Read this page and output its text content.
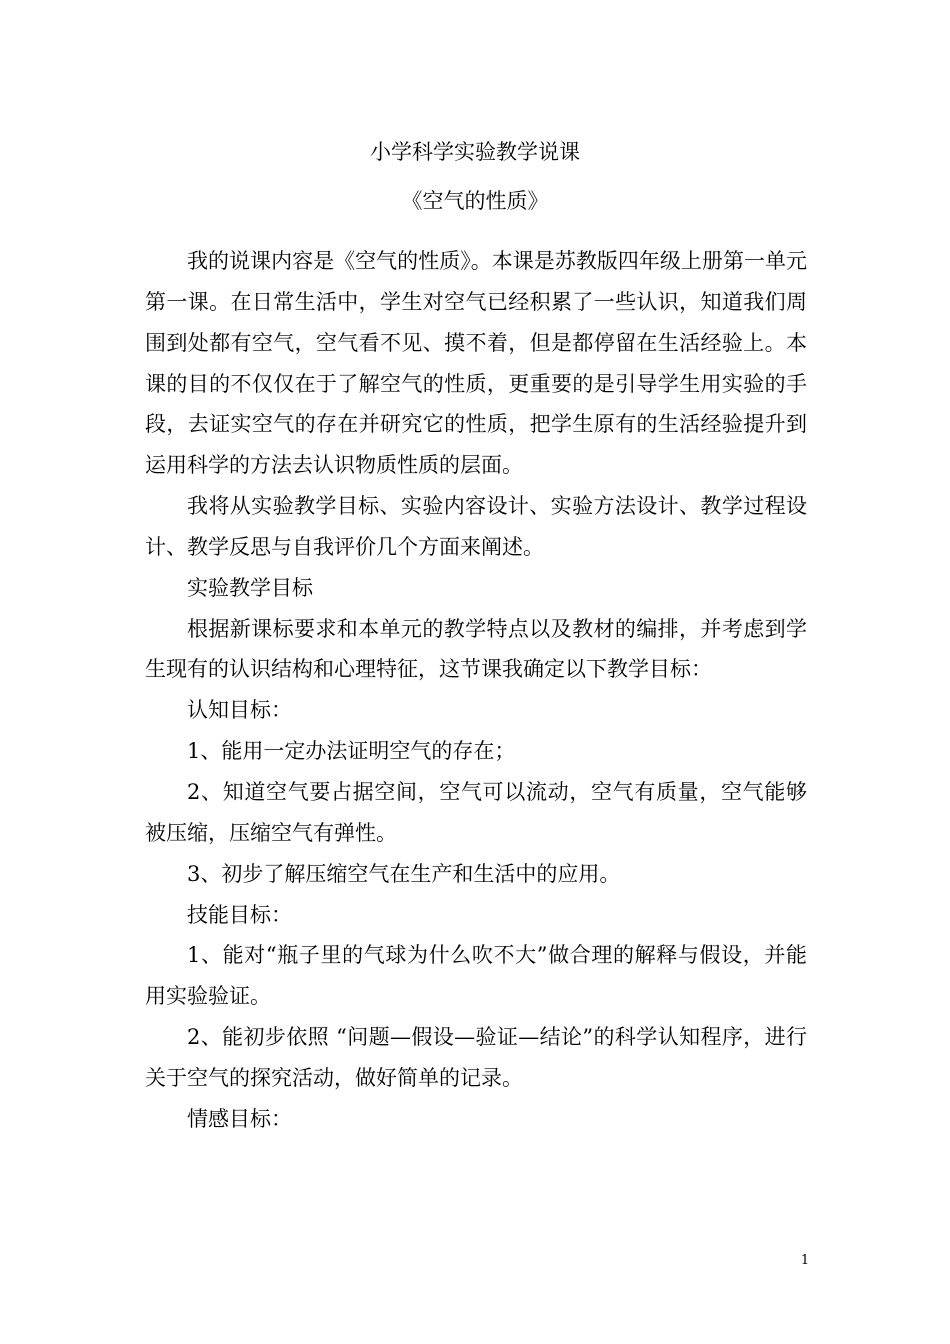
小学科学实验教学说课
《空气的性质》

我的说课内容是《空气的性质》。本课是苏教版四年级上册第一单元第一课。在日常生活中，学生对空气已经积累了一些认识，知道我们周围到处都有空气，空气看不见、摸不着，但是都停留在生活经验上。本课的目的不仅仅在于了解空气的性质，更重要的是引导学生用实验的手段，去证实空气的存在并研究它的性质，把学生原有的生活经验提升到运用科学的方法去认识物质性质的层面。

我将从实验教学目标、实验内容设计、实验方法设计、教学过程设计、教学反思与自我评价几个方面来阐述。

实验教学目标

根据新课标要求和本单元的教学特点以及教材的编排，并考虑到学生现有的认识结构和心理特征，这节课我确定以下教学目标：

认知目标：

1、能用一定办法证明空气的存在；

2、知道空气要占据空间，空气可以流动，空气有质量，空气能够被压缩，压缩空气有弹性。

3、初步了解压缩空气在生产和生活中的应用。

技能目标：

1、能对“瓶子里的气球为什么吹不大”做合理的解释与假设，并能用实验验证。

2、能初步依照 “问题—假设—验证—结论”的科学认知程序，进行关于空气的探究活动，做好简单的记录。

情感目标：

1
